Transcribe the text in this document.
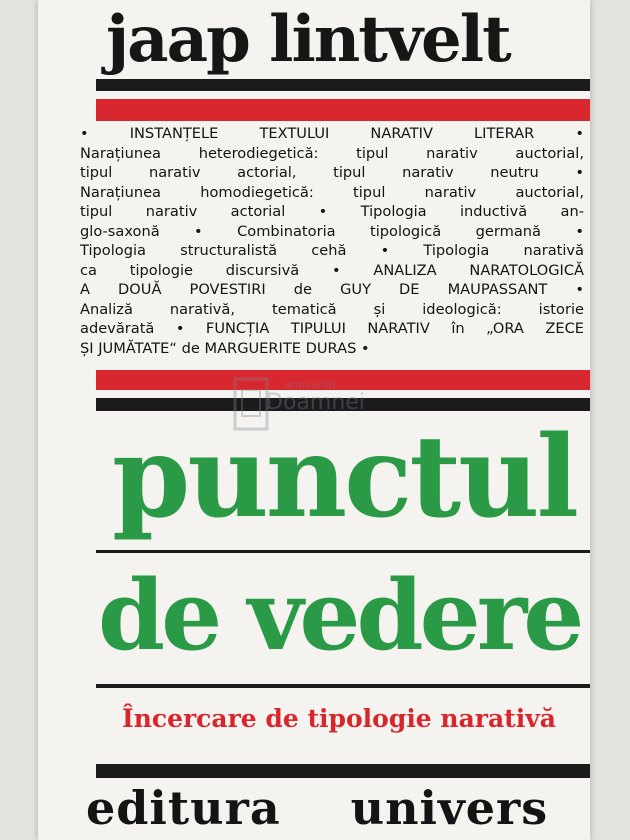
jaap lintvelt
• INSTANȚELE TEXTULUI NARATIV LITERAR •
Narațiunea heterodiegetică: tipul narativ auctorial,
tipul narativ actorial, tipul narativ neutru •
Narațiunea homodiegetică: tipul narativ auctorial,
tipul narativ actorial • Tipologia inductivă an-
glo-saxonă • Combinatoria tipologică germană •
Tipologia structuralistă cehă • Tipologia narativă
ca tipologie discursivă • ANALIZA NARATOLOGICĂ
A DOUĂ POVESTIRI de GUY DE MAUPASSANT •
Analiză narativă, tematică și ideologică: istorie
adevărată • FUNCȚIA TIPULUI NARATIV în „ORA ZECE
ȘI JUMĂTATE“ de MARGUERITE DURAS •
anticariat
Doamnei
punctul
de vedere
Încercare de tipologie narativă
editura univers
